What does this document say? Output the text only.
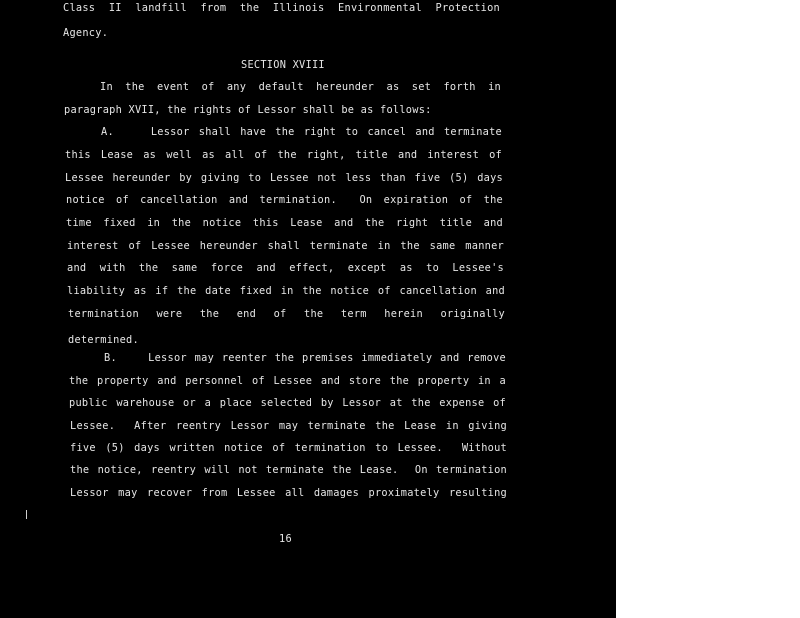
Class II landfill from the Illinois Environmental Protection
Agency.
SECTION XVIII
In the event of any default hereunder as set forth in
paragraph XVII, the rights of Lessor shall be as follows:
A.    Lessor shall have the right to cancel and terminate
this Lease as well as all of the right, title and interest of
Lessee hereunder by giving to Lessee not less than five (5) days
notice of cancellation and termination.  On expiration of the
time fixed in the notice this Lease and the right title and
interest of Lessee hereunder shall terminate in the same manner
and with the same force and effect, except as to Lessee's
liability as if the date fixed in the notice of cancellation and
termination were the end of the term herein originally
determined.
B.    Lessor may reenter the premises immediately and remove
the property and personnel of Lessee and store the property in a
public warehouse or a place selected by Lessor at the expense of
Lessee.  After reentry Lessor may terminate the Lease in giving
five (5) days written notice of termination to Lessee.  Without
the notice, reentry will not terminate the Lease.  On termination
Lessor may recover from Lessee all damages proximately resulting
16
